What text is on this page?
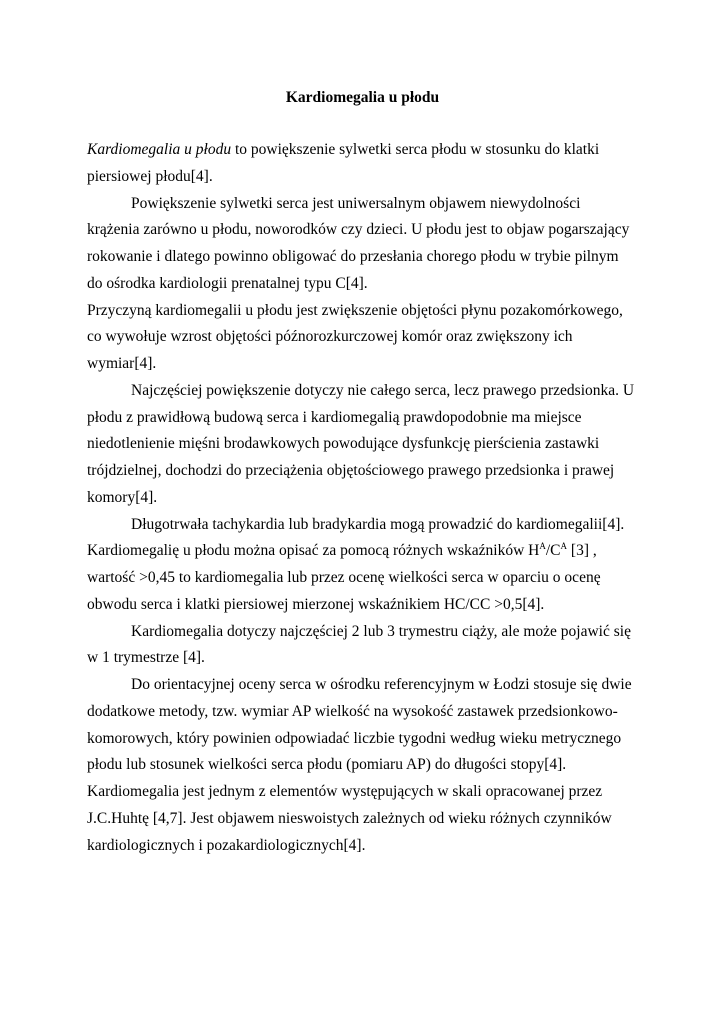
Kardiomegalia u płodu

Kardiomegalia u płodu to powiększenie sylwetki serca płodu w stosunku do klatki piersiowej płodu[4].

Powiększenie sylwetki serca jest uniwersalnym objawem niewydolności krążenia zarówno u płodu, noworodków czy dzieci. U płodu jest to objaw pogarszający rokowanie i dlatego powinno obligować do przesłania chorego płodu w trybie pilnym do ośrodka kardiologii prenatalnej typu C[4].

Przyczyną kardiomegalii u płodu jest zwiększenie objętości płynu pozakomórkowego, co wywołuje wzrost objętości późnorozkurczowej komór oraz zwiększony ich wymiar[4].

Najczęściej powiększenie dotyczy nie całego serca, lecz prawego przedsionka. U płodu z prawidłową budową serca i kardiomegalią prawdopodobnie ma miejsce niedotlenienie mięśni brodawkowych powodujące dysfunkcję pierścienia zastawki trójdzielnej, dochodzi do przeciążenia objętościowego prawego przedsionka i prawej komory[4].

Długotrwała tachykardia lub bradykardia mogą prowadzić do kardiomegalii[4]. Kardiomegalię u płodu można opisać za pomocą różnych wskaźników $H^A/C^A$ [3] , wartość >0,45 to kardiomegalia lub przez ocenę wielkości serca w oparciu o ocenę obwodu serca i klatki piersiowej mierzonej wskaźnikiem HC/CC >0,5[4].

Kardiomegalia dotyczy najczęściej 2 lub 3 trymestru ciąży, ale może pojawić się w 1 trymestrze [4].

Do orientacyjnej oceny serca w ośrodku referencyjnym w Łodzi stosuje się dwie dodatkowe metody, tzw. wymiar AP wielkość na wysokość zastawek przedsionkowo-komorowych, który powinien odpowiadać liczbie tygodni według wieku metrycznego płodu lub stosunek wielkości serca płodu (pomiaru AP) do długości stopy[4].

Kardiomegalia jest jednym z elementów występujących w skali opracowanej przez J.C.Huhtę [4,7]. Jest objawem nieswoistych zależnych od wieku różnych czynników kardiologicznych i pozakardiologicznych[4].
